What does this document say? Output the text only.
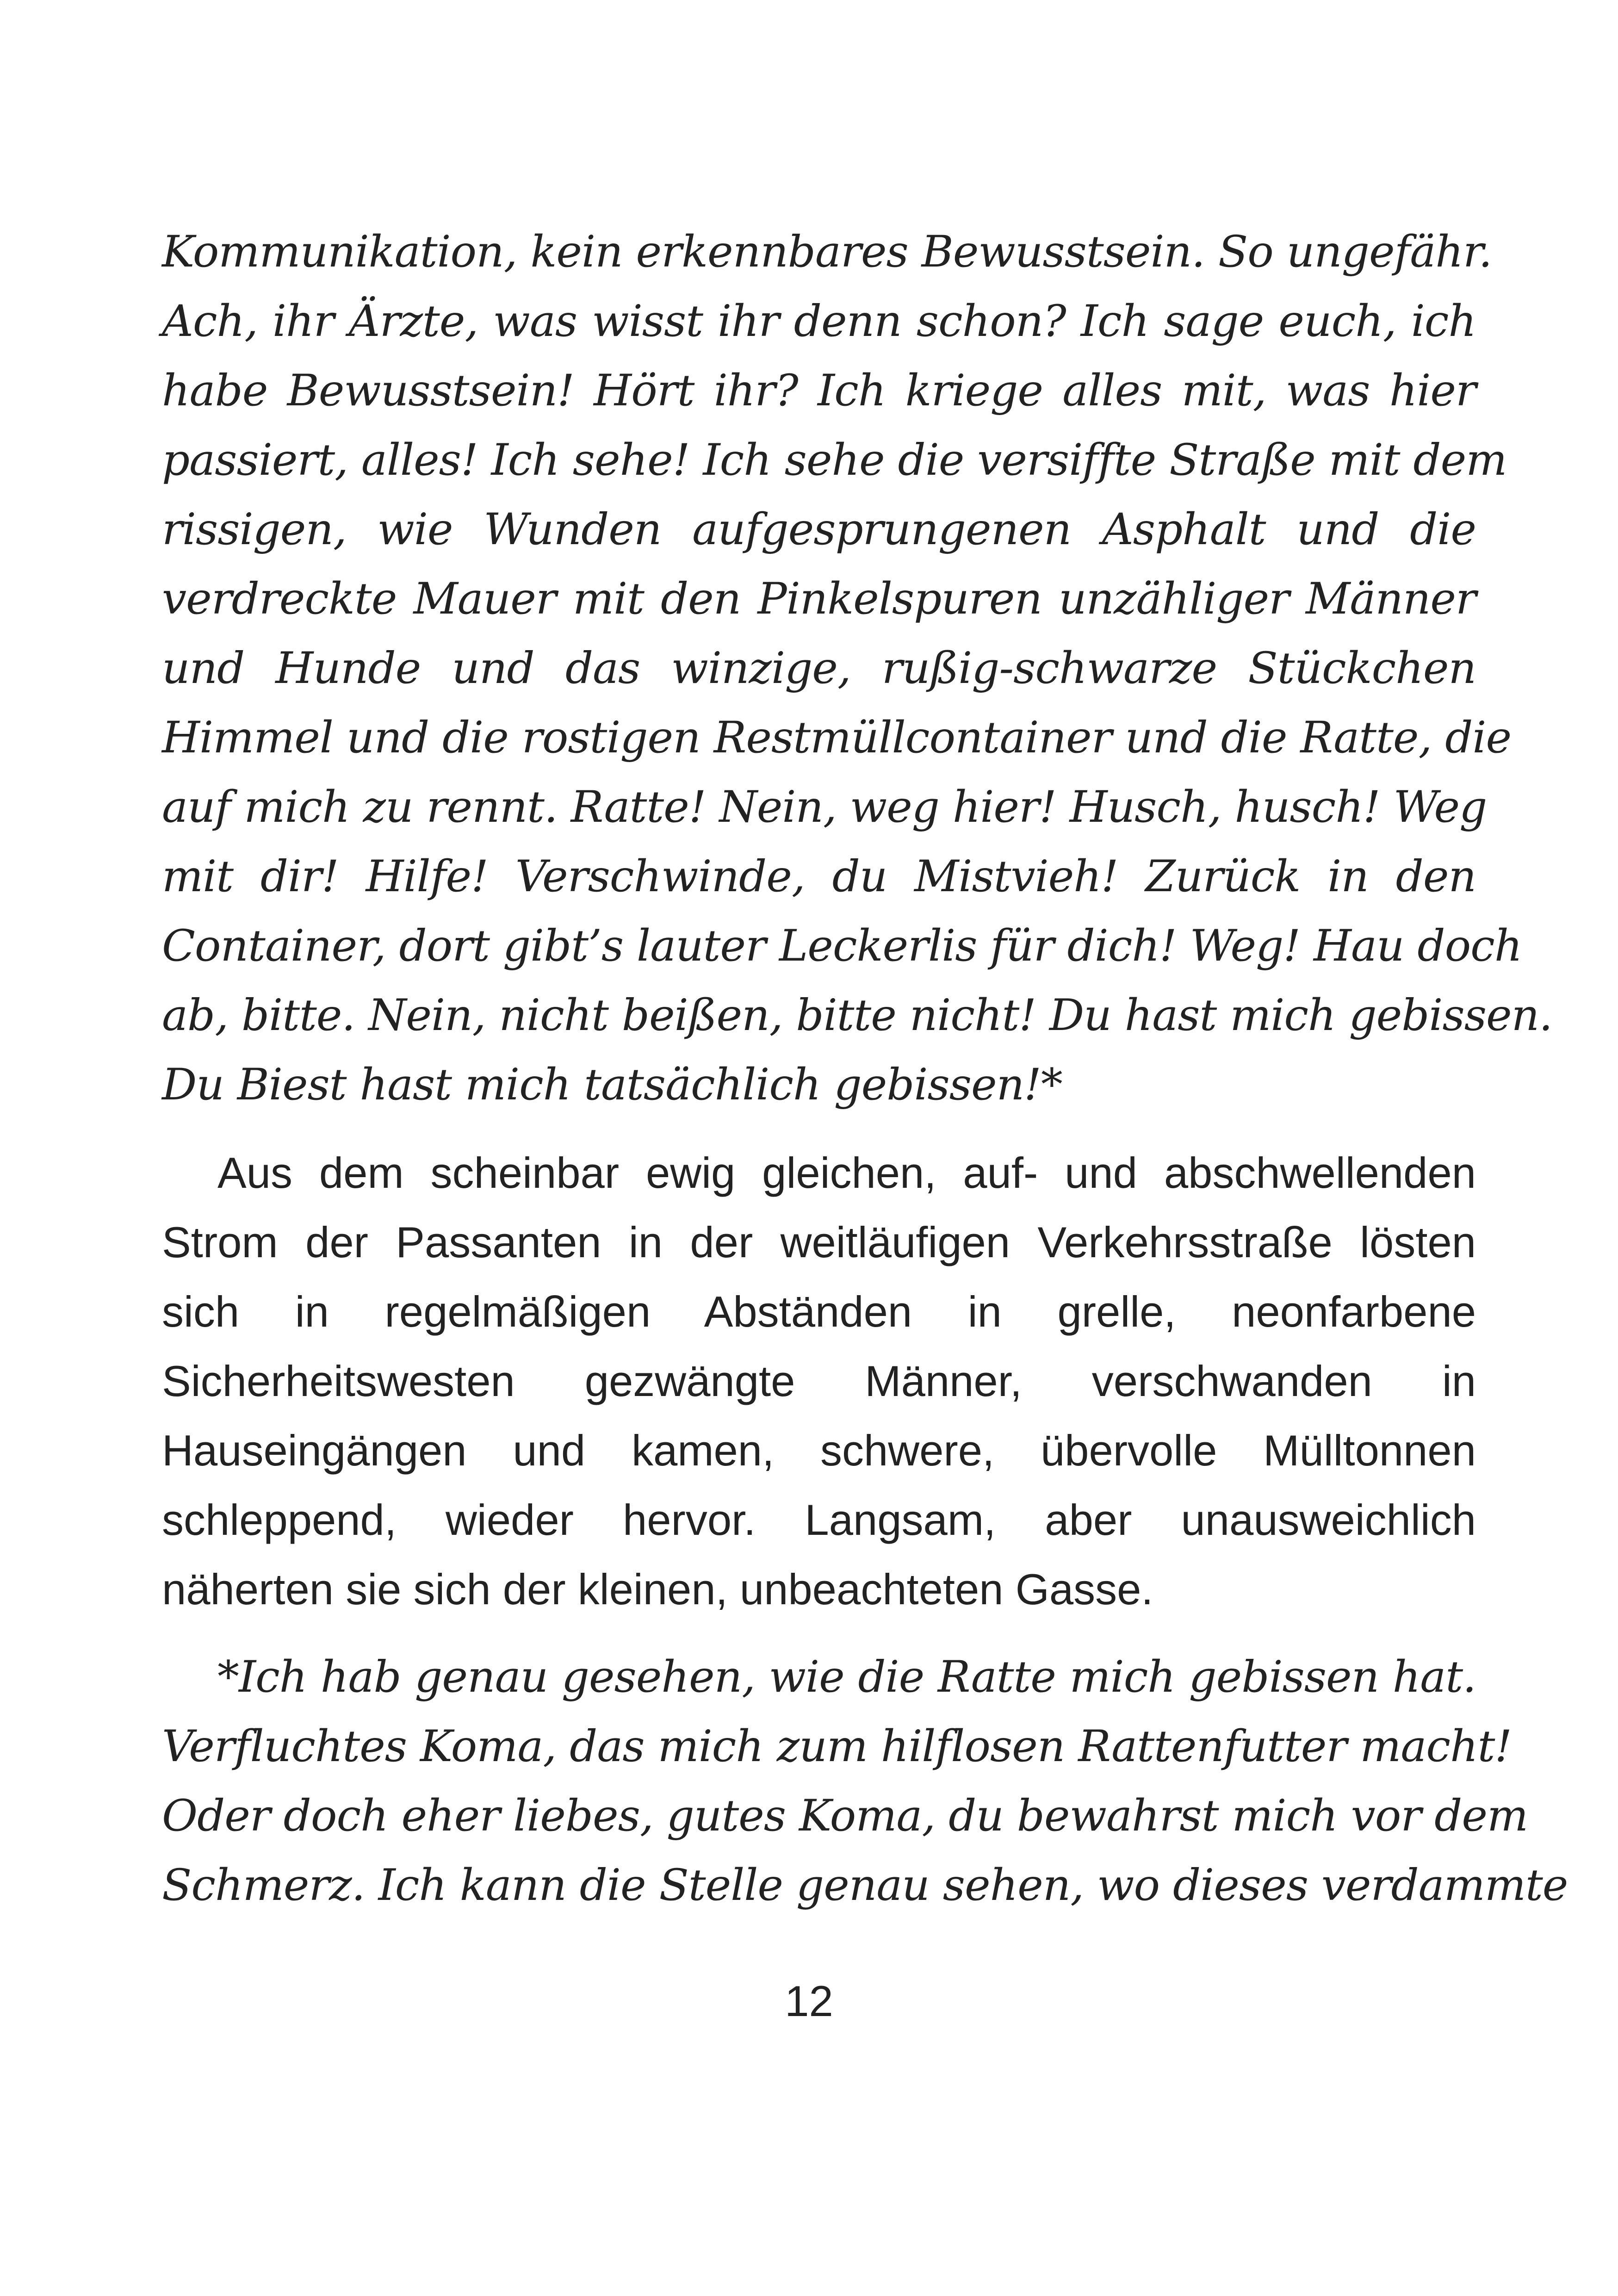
Kommunikation, kein erkennbares Bewusstsein. So ungefähr.
Ach, ihr Ärzte, was wisst ihr denn schon? Ich sage euch, ich
habe Bewusstsein! Hört ihr? Ich kriege alles mit, was hier
passiert, alles! Ich sehe! Ich sehe die versiffte Straße mit dem
rissigen, wie Wunden aufgesprungenen Asphalt und die
verdreckte Mauer mit den Pinkelspuren unzähliger Männer
und Hunde und das winzige, rußig-schwarze Stückchen
Himmel und die rostigen Restmüllcontainer und die Ratte, die
auf mich zu rennt. Ratte! Nein, weg hier! Husch, husch! Weg
mit dir! Hilfe! Verschwinde, du Mistvieh! Zurück in den
Container, dort gibt’s lauter Leckerlis für dich! Weg! Hau doch
ab, bitte. Nein, nicht beißen, bitte nicht! Du hast mich gebissen.
Du Biest hast mich tatsächlich gebissen!*
Aus dem scheinbar ewig gleichen, auf- und abschwellenden
Strom der Passanten in der weitläufigen Verkehrsstraße lösten
sich in regelmäßigen Abständen in grelle, neonfarbene
Sicherheitswesten gezwängte Männer, verschwanden in
Hauseingängen und kamen, schwere, übervolle Mülltonnen
schleppend, wieder hervor. Langsam, aber unausweichlich
näherten sie sich der kleinen, unbeachteten Gasse.
*Ich hab genau gesehen, wie die Ratte mich gebissen hat.
Verfluchtes Koma, das mich zum hilflosen Rattenfutter macht!
Oder doch eher liebes, gutes Koma, du bewahrst mich vor dem
Schmerz. Ich kann die Stelle genau sehen, wo dieses verdammte
12
